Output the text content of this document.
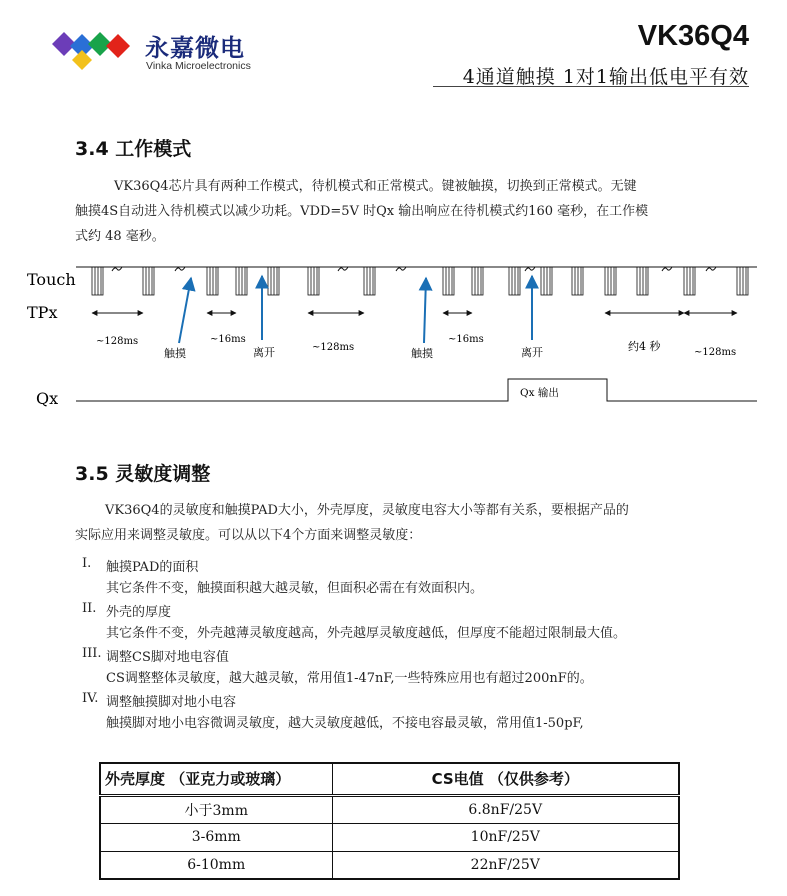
永嘉微电
Vinka Microelectronics
VK36Q4
4通道触摸 1对1输出低电平有效
3.4 工作模式
VK36Q4芯片具有两种工作模式，待机模式和正常模式。键被触摸，切换到正常模式。无键
触摸4S自动进入待机模式以减少功耗。VDD=5V 时Qx 输出响应在待机模式约160 毫秒，在工作模
式约 48 毫秒。
Touch
TPx
Qx
~128ms	~16ms
~128ms
~16ms
约4 秒	~128ms
触摸	离开	触摸	离开
Qx 输出
3.5 灵敏度调整
VK36Q4的灵敏度和触摸PAD大小，外壳厚度，灵敏度电容大小等都有关系，要根据产品的
实际应用来调整灵敏度。可以从以下4个方面来调整灵敏度：
I. 触摸PAD的面积
其它条件不变，触摸面积越大越灵敏，但面积必需在有效面积内。
II. 外壳的厚度
其它条件不变，外壳越薄灵敏度越高，外壳越厚灵敏度越低，但厚度不能超过限制最大值。
III. 调整CS脚对地电容值
CS调整整体灵敏度，越大越灵敏，常用值1-47nF,一些特殊应用也有超过200nF的。
IV. 调整触摸脚对地小电容
触摸脚对地小电容微调灵敏度，越大灵敏度越低，不接电容最灵敏，常用值1-50pF,
外壳厚度 （亚克力或玻璃）	CS电值 （仅供参考）
小于3mm	6.8nF/25V
3-6mm	10nF/25V
6-10mm	22nF/25V
